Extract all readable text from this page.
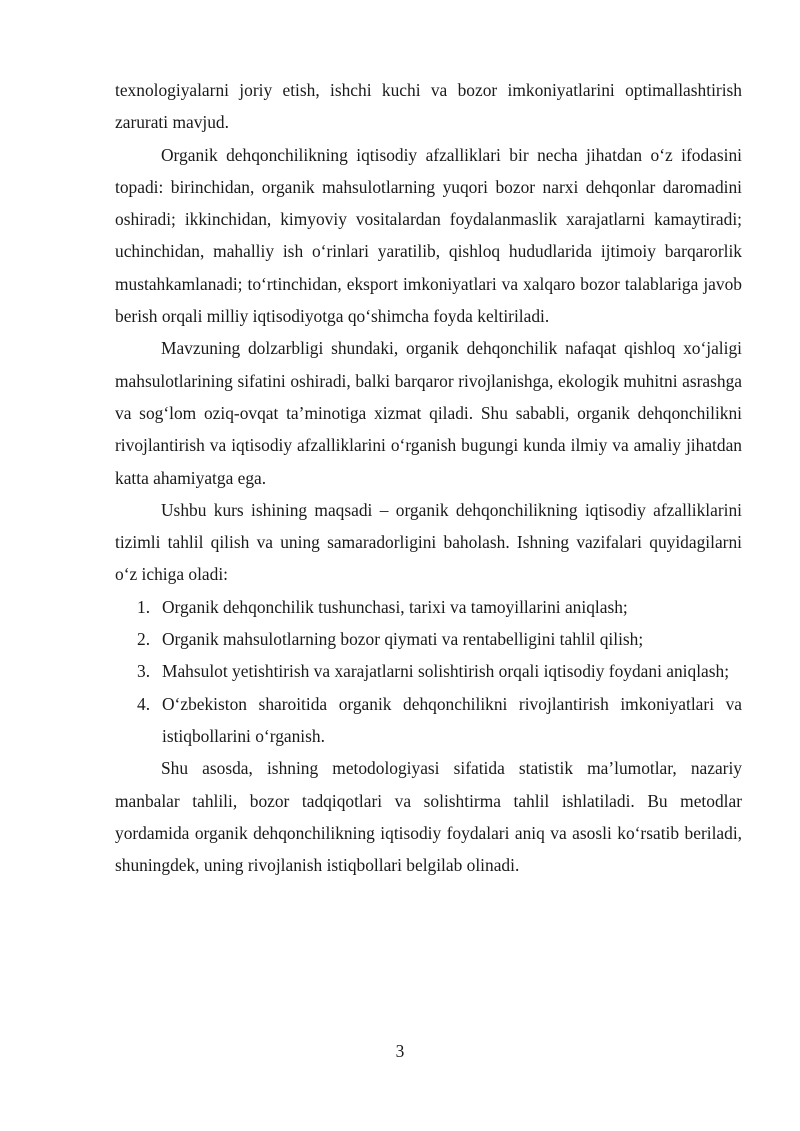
texnologiyalarni joriy etish, ishchi kuchi va bozor imkoniyatlarini optimallashtirish zarurati mavjud.

Organik dehqonchilikning iqtisodiy afzalliklari bir necha jihatdan o‘z ifodasini topadi: birinchidan, organik mahsulotlarning yuqori bozor narxi dehqonlar daromadini oshiradi; ikkinchidan, kimyoviy vositalardan foydalanmaslik xarajatlarni kamaytiradi; uchinchidan, mahalliy ish o‘rinlari yaratilib, qishloq hududlarida ijtimoiy barqarorlik mustahkamlanadi; to‘rtinchidan, eksport imkoniyatlari va xalqaro bozor talablariga javob berish orqali milliy iqtisodiyotga qo‘shimcha foyda keltiriladi.

Mavzuning dolzarbligi shundaki, organik dehqonchilik nafaqat qishloq xo‘jaligi mahsulotlarining sifatini oshiradi, balki barqaror rivojlanishga, ekologik muhitni asrashga va sog‘lom oziq-ovqat ta’minotiga xizmat qiladi. Shu sababli, organik dehqonchilikni rivojlantirish va iqtisodiy afzalliklarini o‘rganish bugungi kunda ilmiy va amaliy jihatdan katta ahamiyatga ega.

Ushbu kurs ishining maqsadi – organik dehqonchilikning iqtisodiy afzalliklarini tizimli tahlil qilish va uning samaradorligini baholash. Ishning vazifalari quyidagilarni o‘z ichiga oladi:

1. Organik dehqonchilik tushunchasi, tarixi va tamoyillarini aniqlash;
2. Organik mahsulotlarning bozor qiymati va rentabelligini tahlil qilish;
3. Mahsulot yetishtirish va xarajatlarni solishtirish orqali iqtisodiy foydani aniqlash;
4. O‘zbekiston sharoitida organik dehqonchilikni rivojlantirish imkoniyatlari va istiqbollarini o‘rganish.

Shu asosda, ishning metodologiyasi sifatida statistik ma’lumotlar, nazariy manbalar tahlili, bozor tadqiqotlari va solishtirma tahlil ishlatiladi. Bu metodlar yordamida organik dehqonchilikning iqtisodiy foydalari aniq va asosli ko‘rsatib beriladi, shuningdek, uning rivojlanish istiqbollari belgilab olinadi.

3
